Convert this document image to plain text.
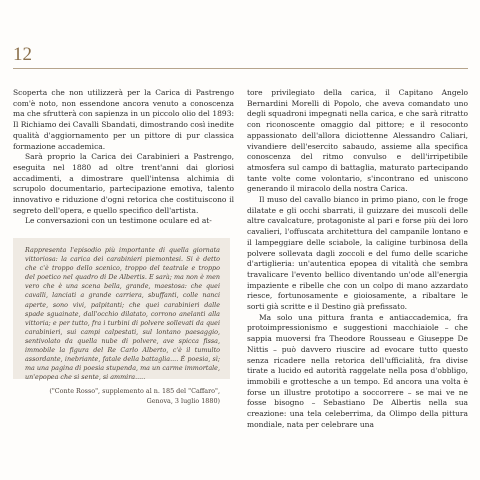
12

Scoperta che non utilizzerà per la Carica di Pastrengo com'è noto, non essendone ancora venuto a conoscenza ma che sfrutterà con sapienza in un piccolo olio del 1893: Il Richiamo dei Cavalli Sbandati, dimostrando così inedite qualità d'aggiornamento per un pittore di pur classica formazione accademica.

Sarà proprio la Carica dei Carabinieri a Pastrengo, eseguita nel 1880 ad oltre trent'anni dai gloriosi accadimenti, a dimostrare quell'intensa alchimia di scrupolo documentario, partecipazione emotiva, talento innovativo e riduzione d'ogni retorica che costituiscono il segreto dell'opera, e quello specifico dell'artista.

Le conversazioni con un testimone oculare ed at-

Rappresenta l'episodio più importante di quella giornata vittoriosa: la carica dei carabinieri piemontesi. Si è detto che c'è troppo dello scenico, troppo del teatrale e troppo del poetico nel quadro di De Albertis. E sarà; ma non è men vero che è una scena bella, grande, maestosa: che quei cavalli, lanciati a grande carriera, sbuffanti, colle nanci aperte, sono vivi, palpitanti; che quei carabinieri dalle spade sguainate, dall'occhio dilatato, corrono anelanti alla vittoria; e per tutto, fra i turbini di polvere sollevati da quei carabinieri, sui campi calpestati, sul lontano paesaggio, sentivolato da quella nube di polvere, ave spicca fissa, immobile la figura del Re Carlo Alberto, c'è il tumulto assordante, inebriante, fatale della battaglia.... È poesia, sì; ma una pagina di poesia stupenda, ma un carme immortale, un'epopea che si sente, si ammira.....
("Conte Rosso", supplemento al n. 185 del "Caffaro",
Genova, 3 luglio 1880)

tore privilegiato della carica, il Capitano Angelo Bernardini Morelli di Popolo, che aveva comandato uno degli squadroni impegnati nella carica, e che sarà ritratto con riconoscente omaggio dal pittore; e il resoconto appassionato dell'allora diciottenne Alessandro Caliari, vivandiere dell'esercito sabaudo, assieme alla specifica conoscenza del ritmo convulso e dell'irripetibile atmosfera sul campo di battaglia, maturato partecipando tante volte come volontario, s'incontrano ed uniscono generando il miracolo della nostra Carica.

Il muso del cavallo bianco in primo piano, con le froge dilatate e gli occhi sbarrati, il guizzare dei muscoli delle altre cavalcature, protagoniste al pari e forse più dei loro cavalieri, l'offuscata architettura del campanile lontano e il lampeggiare delle sciabole, la caligine turbinosa della polvere sollevata dagli zoccoli e del fumo delle scariche d'artiglieria: un'autentica epopea di vitalità che sembra travalicare l'evento bellico diventando un'ode all'energia impaziente e ribelle che con un colpo di mano azzardato riesce, fortunosamente e gioiosamente, a ribaltare le sorti già scritte e il Destino già prefissato.

Ma solo una pittura franta e antiaccademica, fra protoimpressionismo e suggestioni macchiaiole – che sappia muoversi fra Theodore Rousseau e Giuseppe De Nittis – può davvero riuscire ad evocare tutto questo senza ricadere nella retorica dell'ufficialità, fra divise tirate a lucido ed autorità raggelate nella posa d'obbligo, immobili e grottesche a un tempo. Ed ancora una volta è forse un illustre prototipo a soccorrere – se mai ve ne fosse bisogno – Sebastiano De Albertis nella sua creazione: una tela celeberrima, da Olimpo della pittura mondiale, nata per celebrare una
